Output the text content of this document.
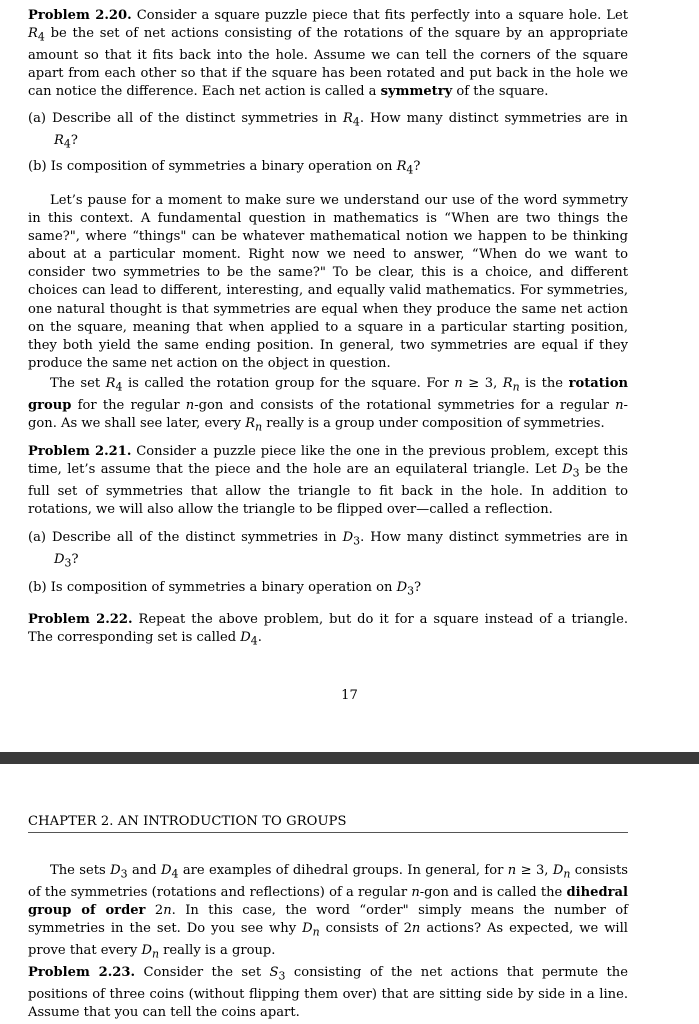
Problem 2.20. Consider a square puzzle piece that fits perfectly into a square hole. Let $R_4$ be the set of net actions consisting of the rotations of the square by an appropriate amount so that it fits back into the hole. Assume we can tell the corners of the square apart from each other so that if the square has been rotated and put back in the hole we can notice the difference. Each net action is called a symmetry of the square.

(a) Describe all of the distinct symmetries in $R_4$. How many distinct symmetries are in $R_4$?

(b) Is composition of symmetries a binary operation on $R_4$?

Let’s pause for a moment to make sure we understand our use of the word symmetry in this context. A fundamental question in mathematics is “When are two things the same?", where “things" can be whatever mathematical notion we happen to be thinking about at a particular moment. Right now we need to answer, “When do we want to consider two symmetries to be the same?" To be clear, this is a choice, and different choices can lead to different, interesting, and equally valid mathematics. For symmetries, one natural thought is that symmetries are equal when they produce the same net action on the square, meaning that when applied to a square in a particular starting position, they both yield the same ending position. In general, two symmetries are equal if they produce the same net action on the object in question.

The set $R_4$ is called the rotation group for the square. For n ≥ 3, $R_n$ is the rotation group for the regular n-gon and consists of the rotational symmetries for a regular n-gon. As we shall see later, every $R_n$ really is a group under composition of symmetries.

Problem 2.21. Consider a puzzle piece like the one in the previous problem, except this time, let’s assume that the piece and the hole are an equilateral triangle. Let $D_3$ be the full set of symmetries that allow the triangle to fit back in the hole. In addition to rotations, we will also allow the triangle to be flipped over—called a reflection.

(a) Describe all of the distinct symmetries in $D_3$. How many distinct symmetries are in $D_3$?

(b) Is composition of symmetries a binary operation on $D_3$?

Problem 2.22. Repeat the above problem, but do it for a square instead of a triangle. The corresponding set is called $D_4$.

17
CHAPTER 2. AN INTRODUCTION TO GROUPS

The sets $D_3$ and $D_4$ are examples of dihedral groups. In general, for n ≥ 3, $D_n$ consists of the symmetries (rotations and reflections) of a regular n-gon and is called the dihedral group of order 2n. In this case, the word “order" simply means the number of symmetries in the set. Do you see why $D_n$ consists of 2n actions? As expected, we will prove that every $D_n$ really is a group.

Problem 2.23. Consider the set $S_3$ consisting of the net actions that permute the positions of three coins (without flipping them over) that are sitting side by side in a line. Assume that you can tell the coins apart.
